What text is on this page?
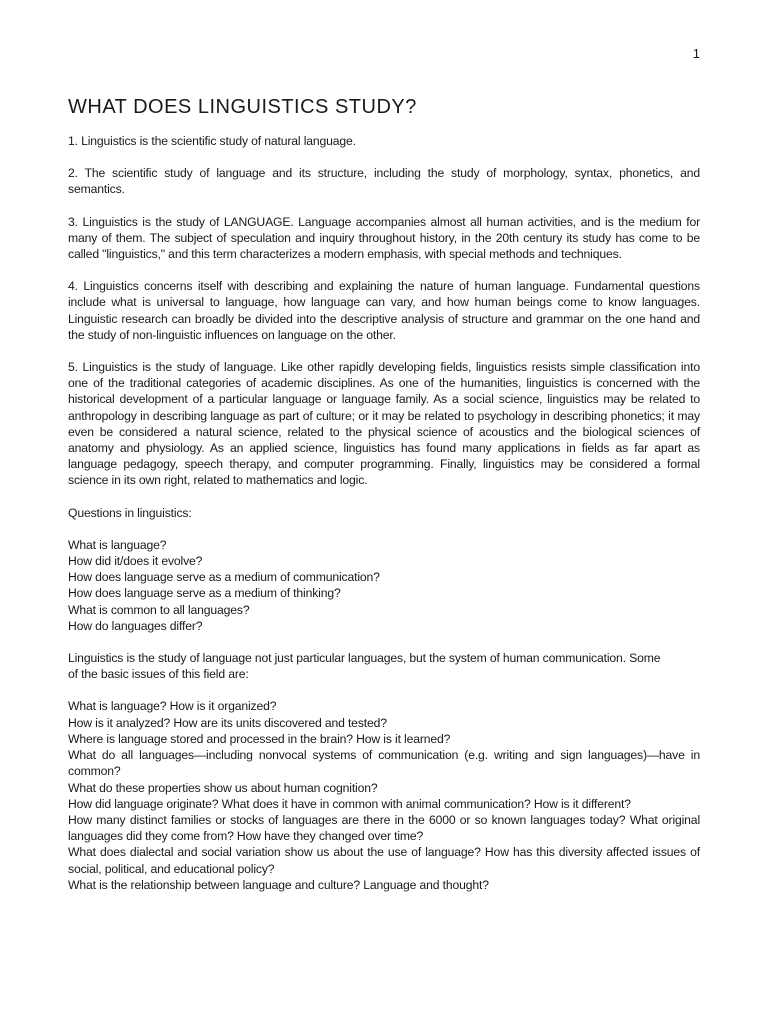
1
WHAT DOES LINGUISTICS STUDY?

1. Linguistics is the scientific study of natural language.

2. The scientific study of language and its structure, including the study of morphology, syntax, phonetics, and semantics.

3. Linguistics is the study of LANGUAGE. Language accompanies almost all human activities, and is the medium for many of them. The subject of speculation and inquiry throughout history, in the 20th century its study has come to be called "linguistics," and this term characterizes a modern emphasis, with special methods and techniques.

4. Linguistics concerns itself with describing and explaining the nature of human language. Fundamental questions include what is universal to language, how language can vary, and how human beings come to know languages. Linguistic research can broadly be divided into the descriptive analysis of structure and grammar on the one hand and the study of non-linguistic influences on language on the other.

5. Linguistics is the study of language. Like other rapidly developing fields, linguistics resists simple classification into one of the traditional categories of academic disciplines. As one of the humanities, linguistics is concerned with the historical development of a particular language or language family. As a social science, linguistics may be related to anthropology in describing language as part of culture; or it may be related to psychology in describing phonetics; it may even be considered a natural science, related to the physical science of acoustics and the biological sciences of anatomy and physiology. As an applied science, linguistics has found many applications in fields as far apart as language pedagogy, speech therapy, and computer programming. Finally, linguistics may be considered a formal science in its own right, related to mathematics and logic.

Questions in linguistics:

What is language?
How did it/does it evolve?
How does language serve as a medium of communication?
How does language serve as a medium of thinking?
What is common to all languages?
How do languages differ?

Linguistics is the study of language not just particular languages, but the system of human communication. Some
of the basic issues of this field are:

What is language? How is it organized?
How is it analyzed? How are its units discovered and tested?
Where is language stored and processed in the brain? How is it learned?
What do all languages—including nonvocal systems of communication (e.g. writing and sign languages)—have in common?
What do these properties show us about human cognition?
How did language originate? What does it have in common with animal communication? How is it different?
How many distinct families or stocks of languages are there in the 6000 or so known languages today? What original languages did they come from? How have they changed over time?
What does dialectal and social variation show us about the use of language? How has this diversity affected issues of social, political, and educational policy?
What is the relationship between language and culture? Language and thought?
